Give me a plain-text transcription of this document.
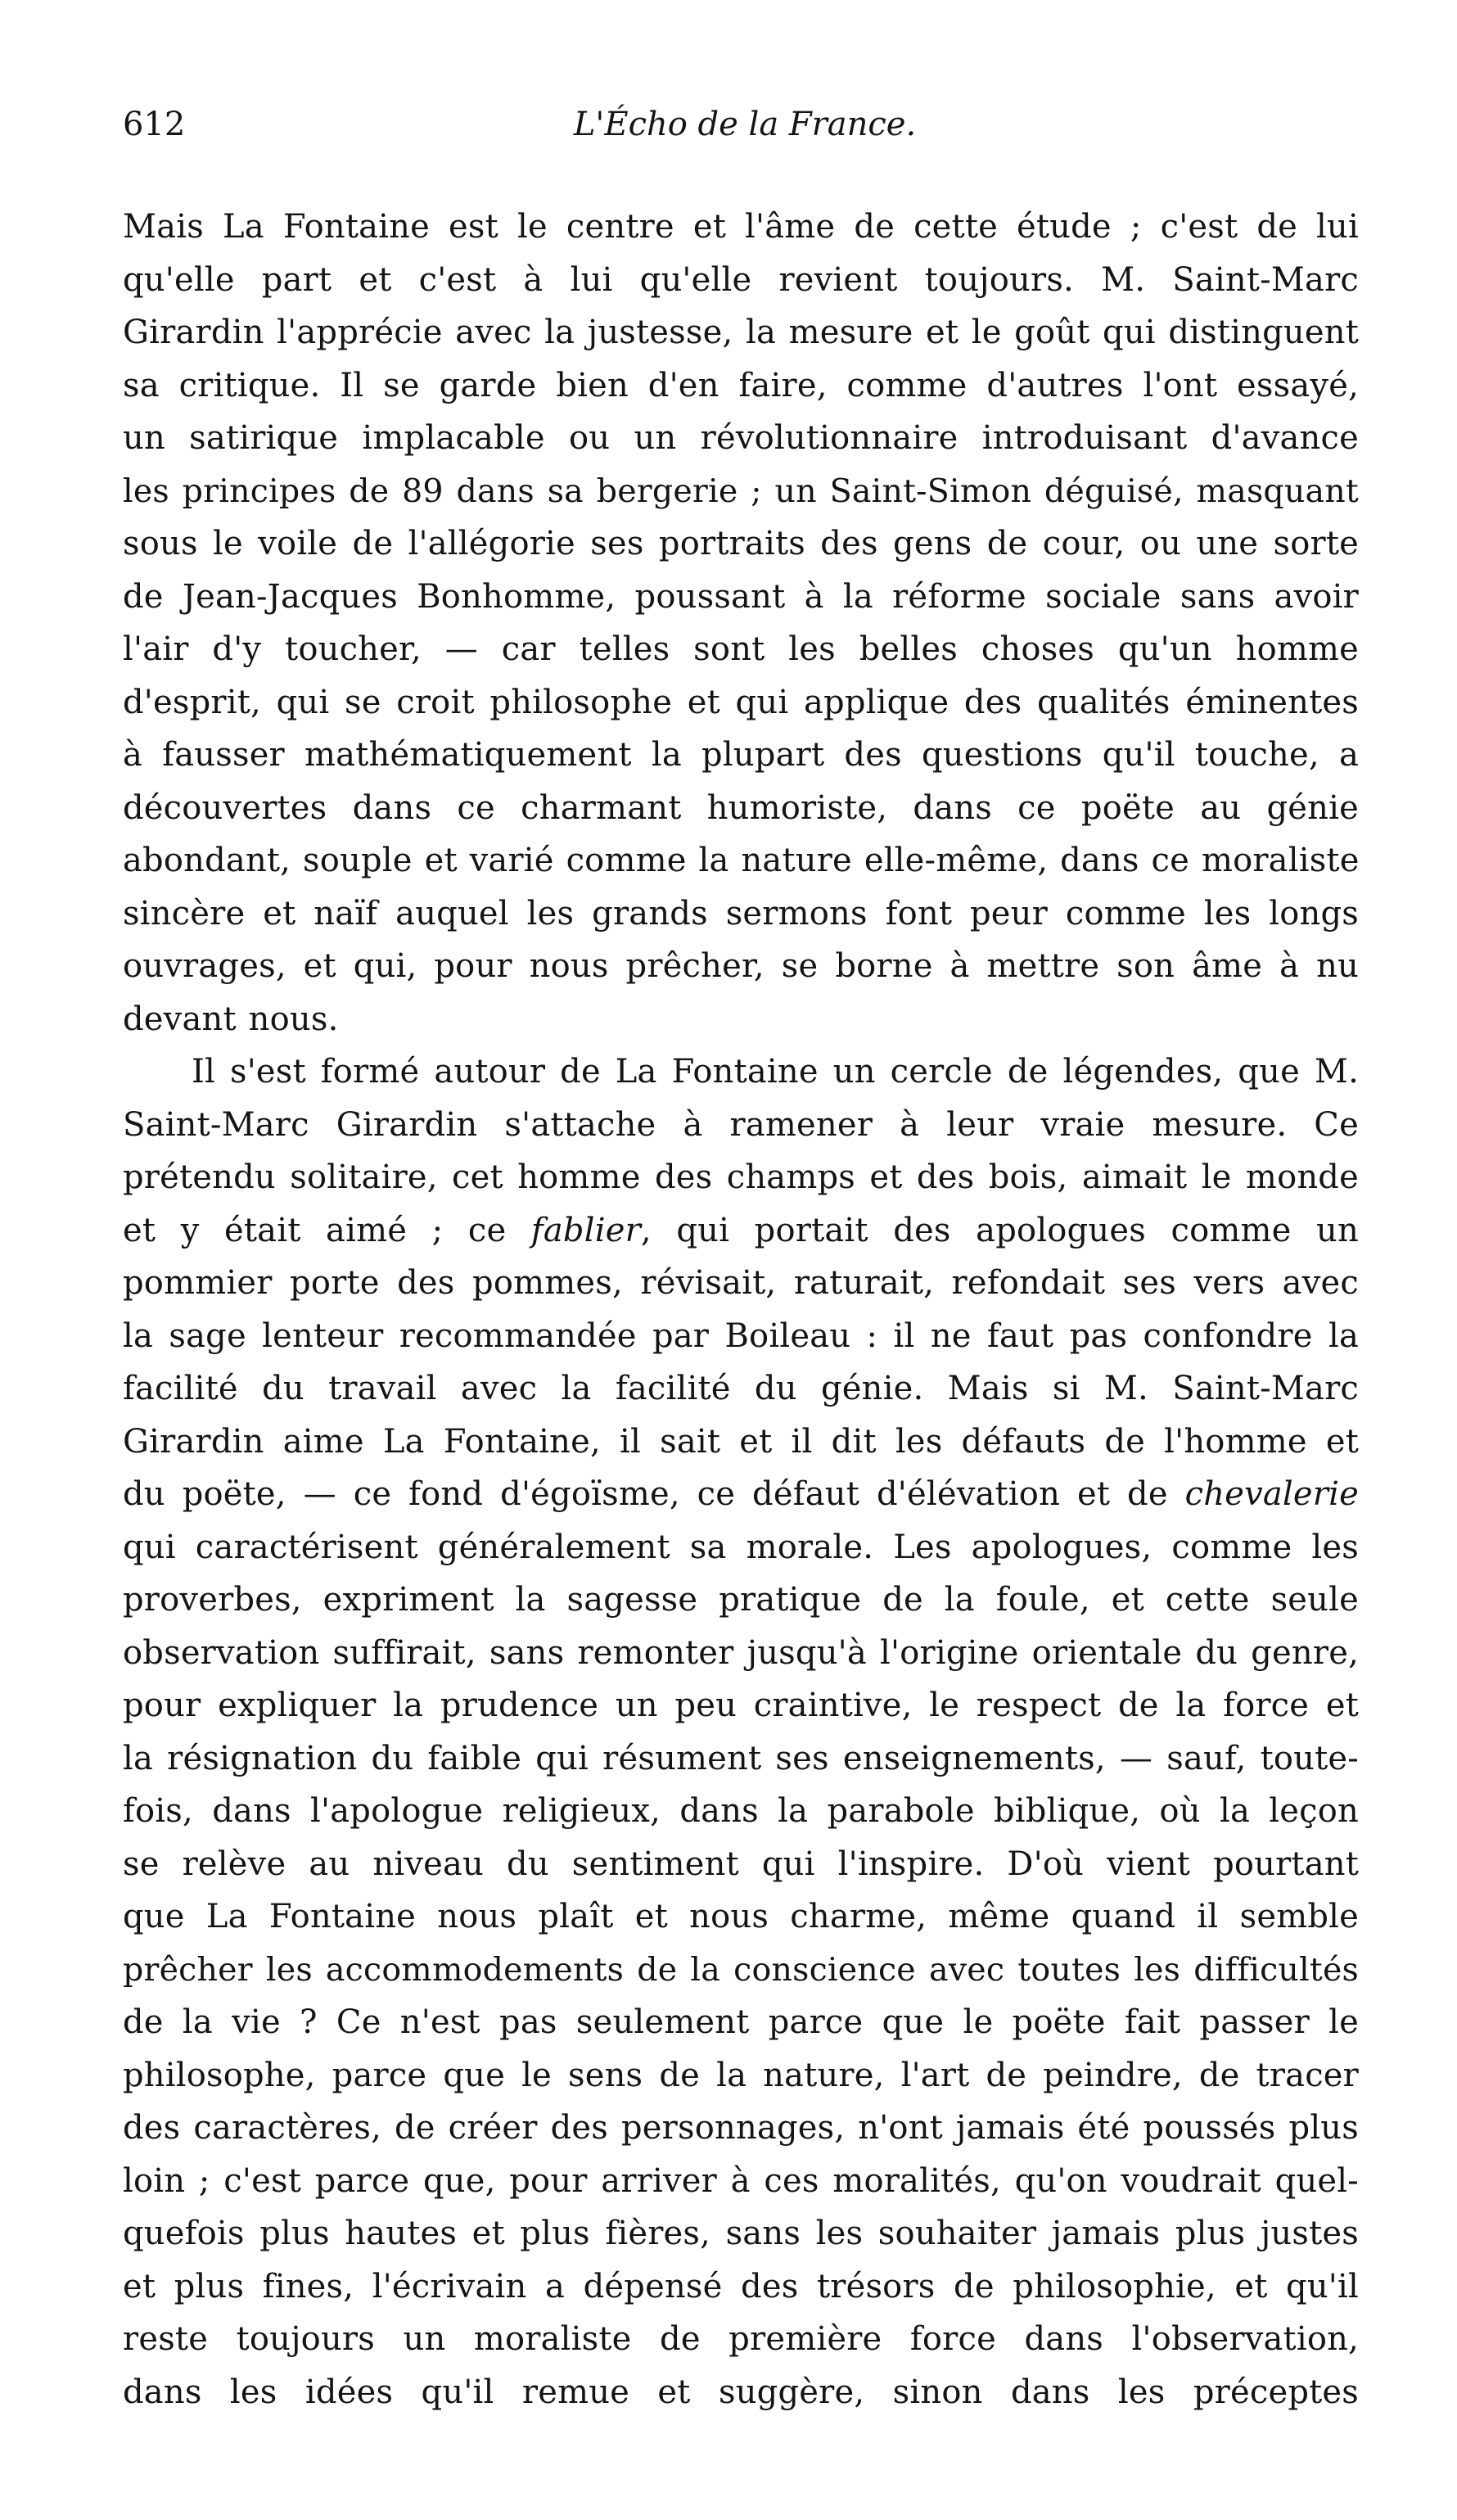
612	L'Écho de la France.
Mais La Fontaine est le centre et l'âme de cette étude ; c'est de lui
qu'elle part et c'est à lui qu'elle revient toujours. M. Saint-Marc
Girardin l'apprécie avec la justesse, la mesure et le goût qui distinguent
sa critique. Il se garde bien d'en faire, comme d'autres l'ont essayé,
un satirique implacable ou un révolutionnaire introduisant d'avance
les principes de 89 dans sa bergerie ; un Saint-Simon déguisé, masquant
sous le voile de l'allégorie ses portraits des gens de cour, ou une sorte
de Jean-Jacques Bonhomme, poussant à la réforme sociale sans avoir
l'air d'y toucher, — car telles sont les belles choses qu'un homme
d'esprit, qui se croit philosophe et qui applique des qualités éminentes
à fausser mathématiquement la plupart des questions qu'il touche, a
découvertes dans ce charmant humoriste, dans ce poëte au génie
abondant, souple et varié comme la nature elle-même, dans ce moraliste
sincère et naïf auquel les grands sermons font peur comme les longs
ouvrages, et qui, pour nous prêcher, se borne à mettre son âme à nu
devant nous.
Il s'est formé autour de La Fontaine un cercle de légendes, que M.
Saint-Marc Girardin s'attache à ramener à leur vraie mesure. Ce
prétendu solitaire, cet homme des champs et des bois, aimait le monde
et y était aimé ; ce fablier, qui portait des apologues comme un
pommier porte des pommes, révisait, raturait, refondait ses vers avec
la sage lenteur recommandée par Boileau : il ne faut pas confondre la
facilité du travail avec la facilité du génie. Mais si M. Saint-Marc
Girardin aime La Fontaine, il sait et il dit les défauts de l'homme et
du poëte, — ce fond d'égoïsme, ce défaut d'élévation et de chevalerie
qui caractérisent généralement sa morale. Les apologues, comme les
proverbes, expriment la sagesse pratique de la foule, et cette seule
observation suffirait, sans remonter jusqu'à l'origine orientale du genre,
pour expliquer la prudence un peu craintive, le respect de la force et
la résignation du faible qui résument ses enseignements, — sauf, toute-
fois, dans l'apologue religieux, dans la parabole biblique, où la leçon
se relève au niveau du sentiment qui l'inspire. D'où vient pourtant
que La Fontaine nous plaît et nous charme, même quand il semble
prêcher les accommodements de la conscience avec toutes les difficultés
de la vie ? Ce n'est pas seulement parce que le poëte fait passer le
philosophe, parce que le sens de la nature, l'art de peindre, de tracer
des caractères, de créer des personnages, n'ont jamais été poussés plus
loin ; c'est parce que, pour arriver à ces moralités, qu'on voudrait quel-
quefois plus hautes et plus fières, sans les souhaiter jamais plus justes
et plus fines, l'écrivain a dépensé des trésors de philosophie, et qu'il
reste toujours un moraliste de première force dans l'observation,
dans les idées qu'il remue et suggère, sinon dans les préceptes
